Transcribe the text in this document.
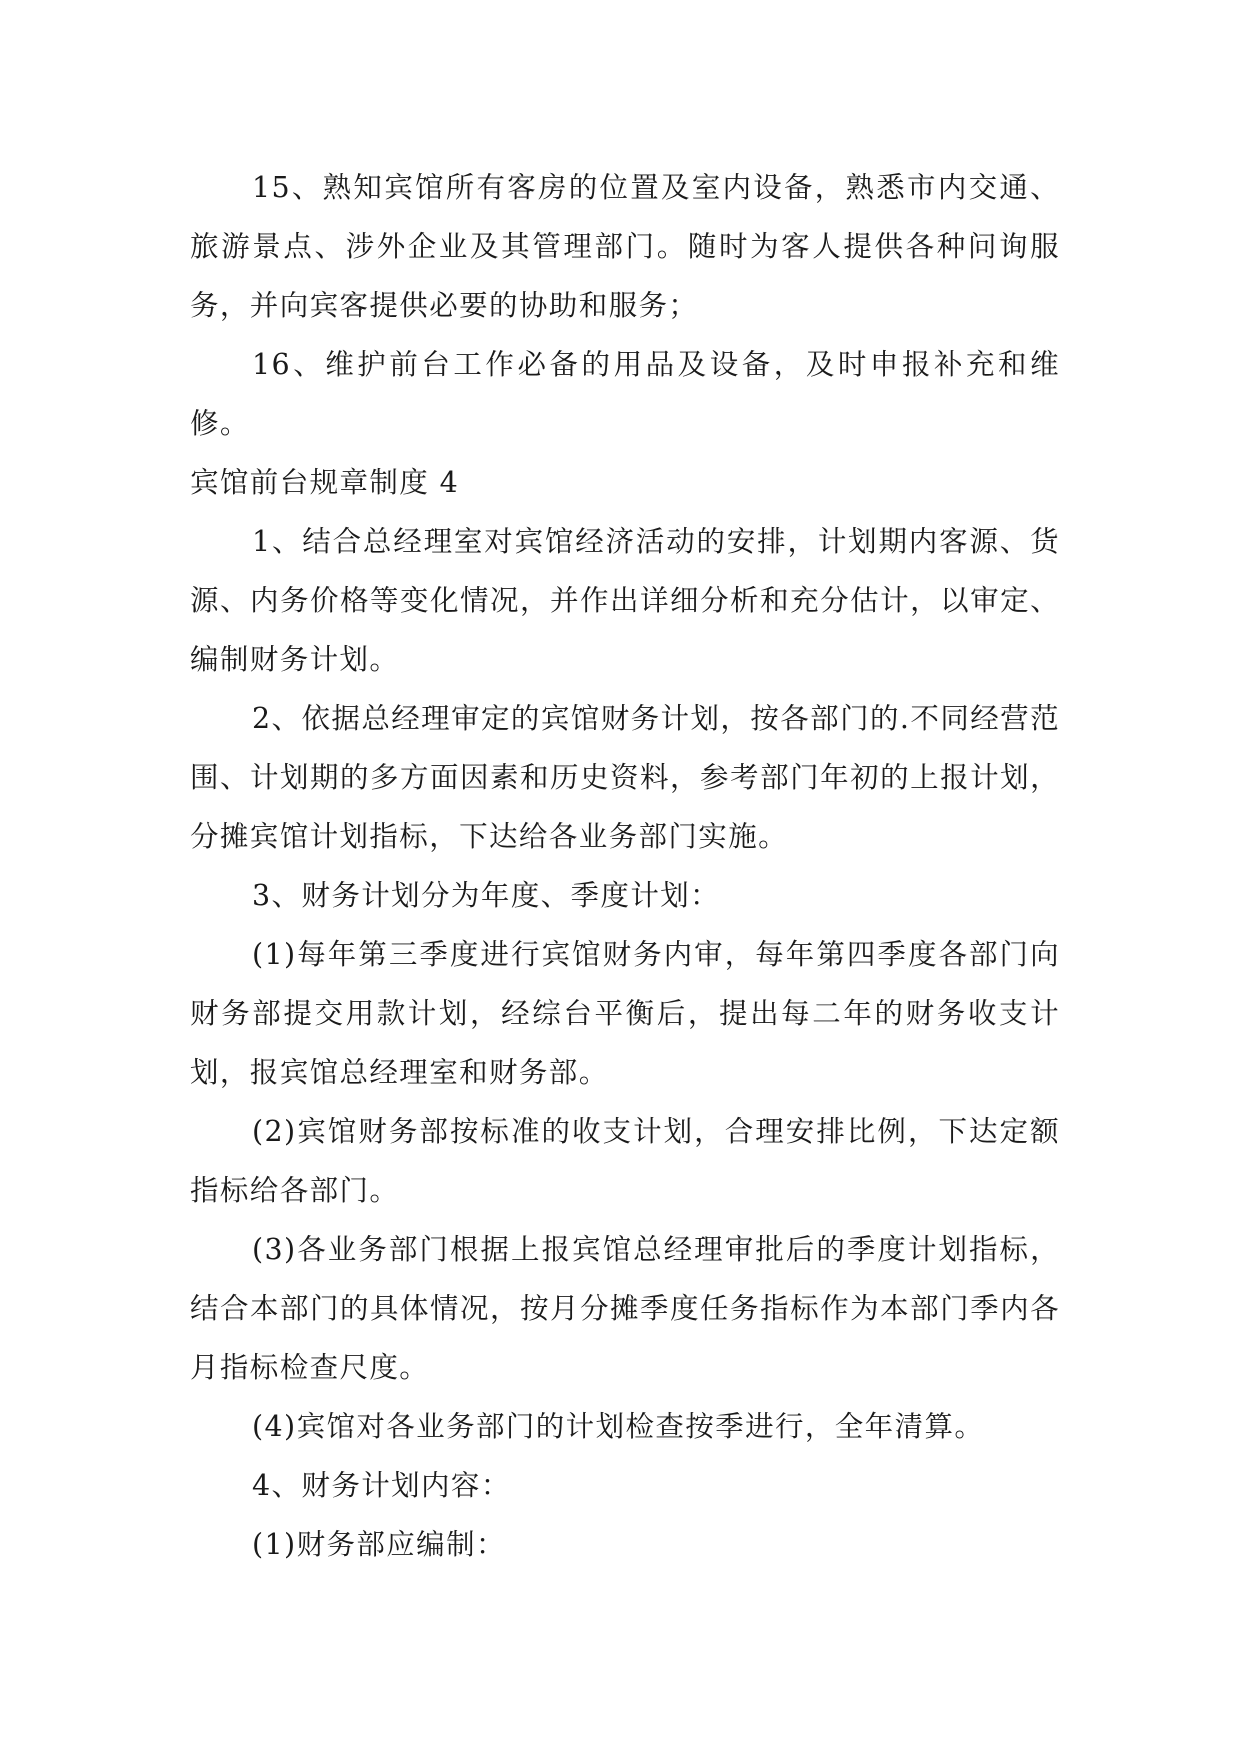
15、熟知宾馆所有客房的位置及室内设备，熟悉市内交通、旅游景点、涉外企业及其管理部门。随时为客人提供各种问询服务，并向宾客提供必要的协助和服务；

16、维护前台工作必备的用品及设备，及时申报补充和维修。

宾馆前台规章制度 4

1、结合总经理室对宾馆经济活动的安排，计划期内客源、货源、内务价格等变化情况，并作出详细分析和充分估计，以审定、编制财务计划。

2、依据总经理审定的宾馆财务计划，按各部门的.不同经营范围、计划期的多方面因素和历史资料，参考部门年初的上报计划，分摊宾馆计划指标，下达给各业务部门实施。

3、财务计划分为年度、季度计划：

(1)每年第三季度进行宾馆财务内审，每年第四季度各部门向财务部提交用款计划，经综台平衡后，提出每二年的财务收支计划，报宾馆总经理室和财务部。

(2)宾馆财务部按标准的收支计划，合理安排比例，下达定额指标给各部门。

(3)各业务部门根据上报宾馆总经理审批后的季度计划指标，结合本部门的具体情况，按月分摊季度任务指标作为本部门季内各月指标检查尺度。

(4)宾馆对各业务部门的计划检查按季进行，全年清算。

4、财务计划内容：

(1)财务部应编制：
